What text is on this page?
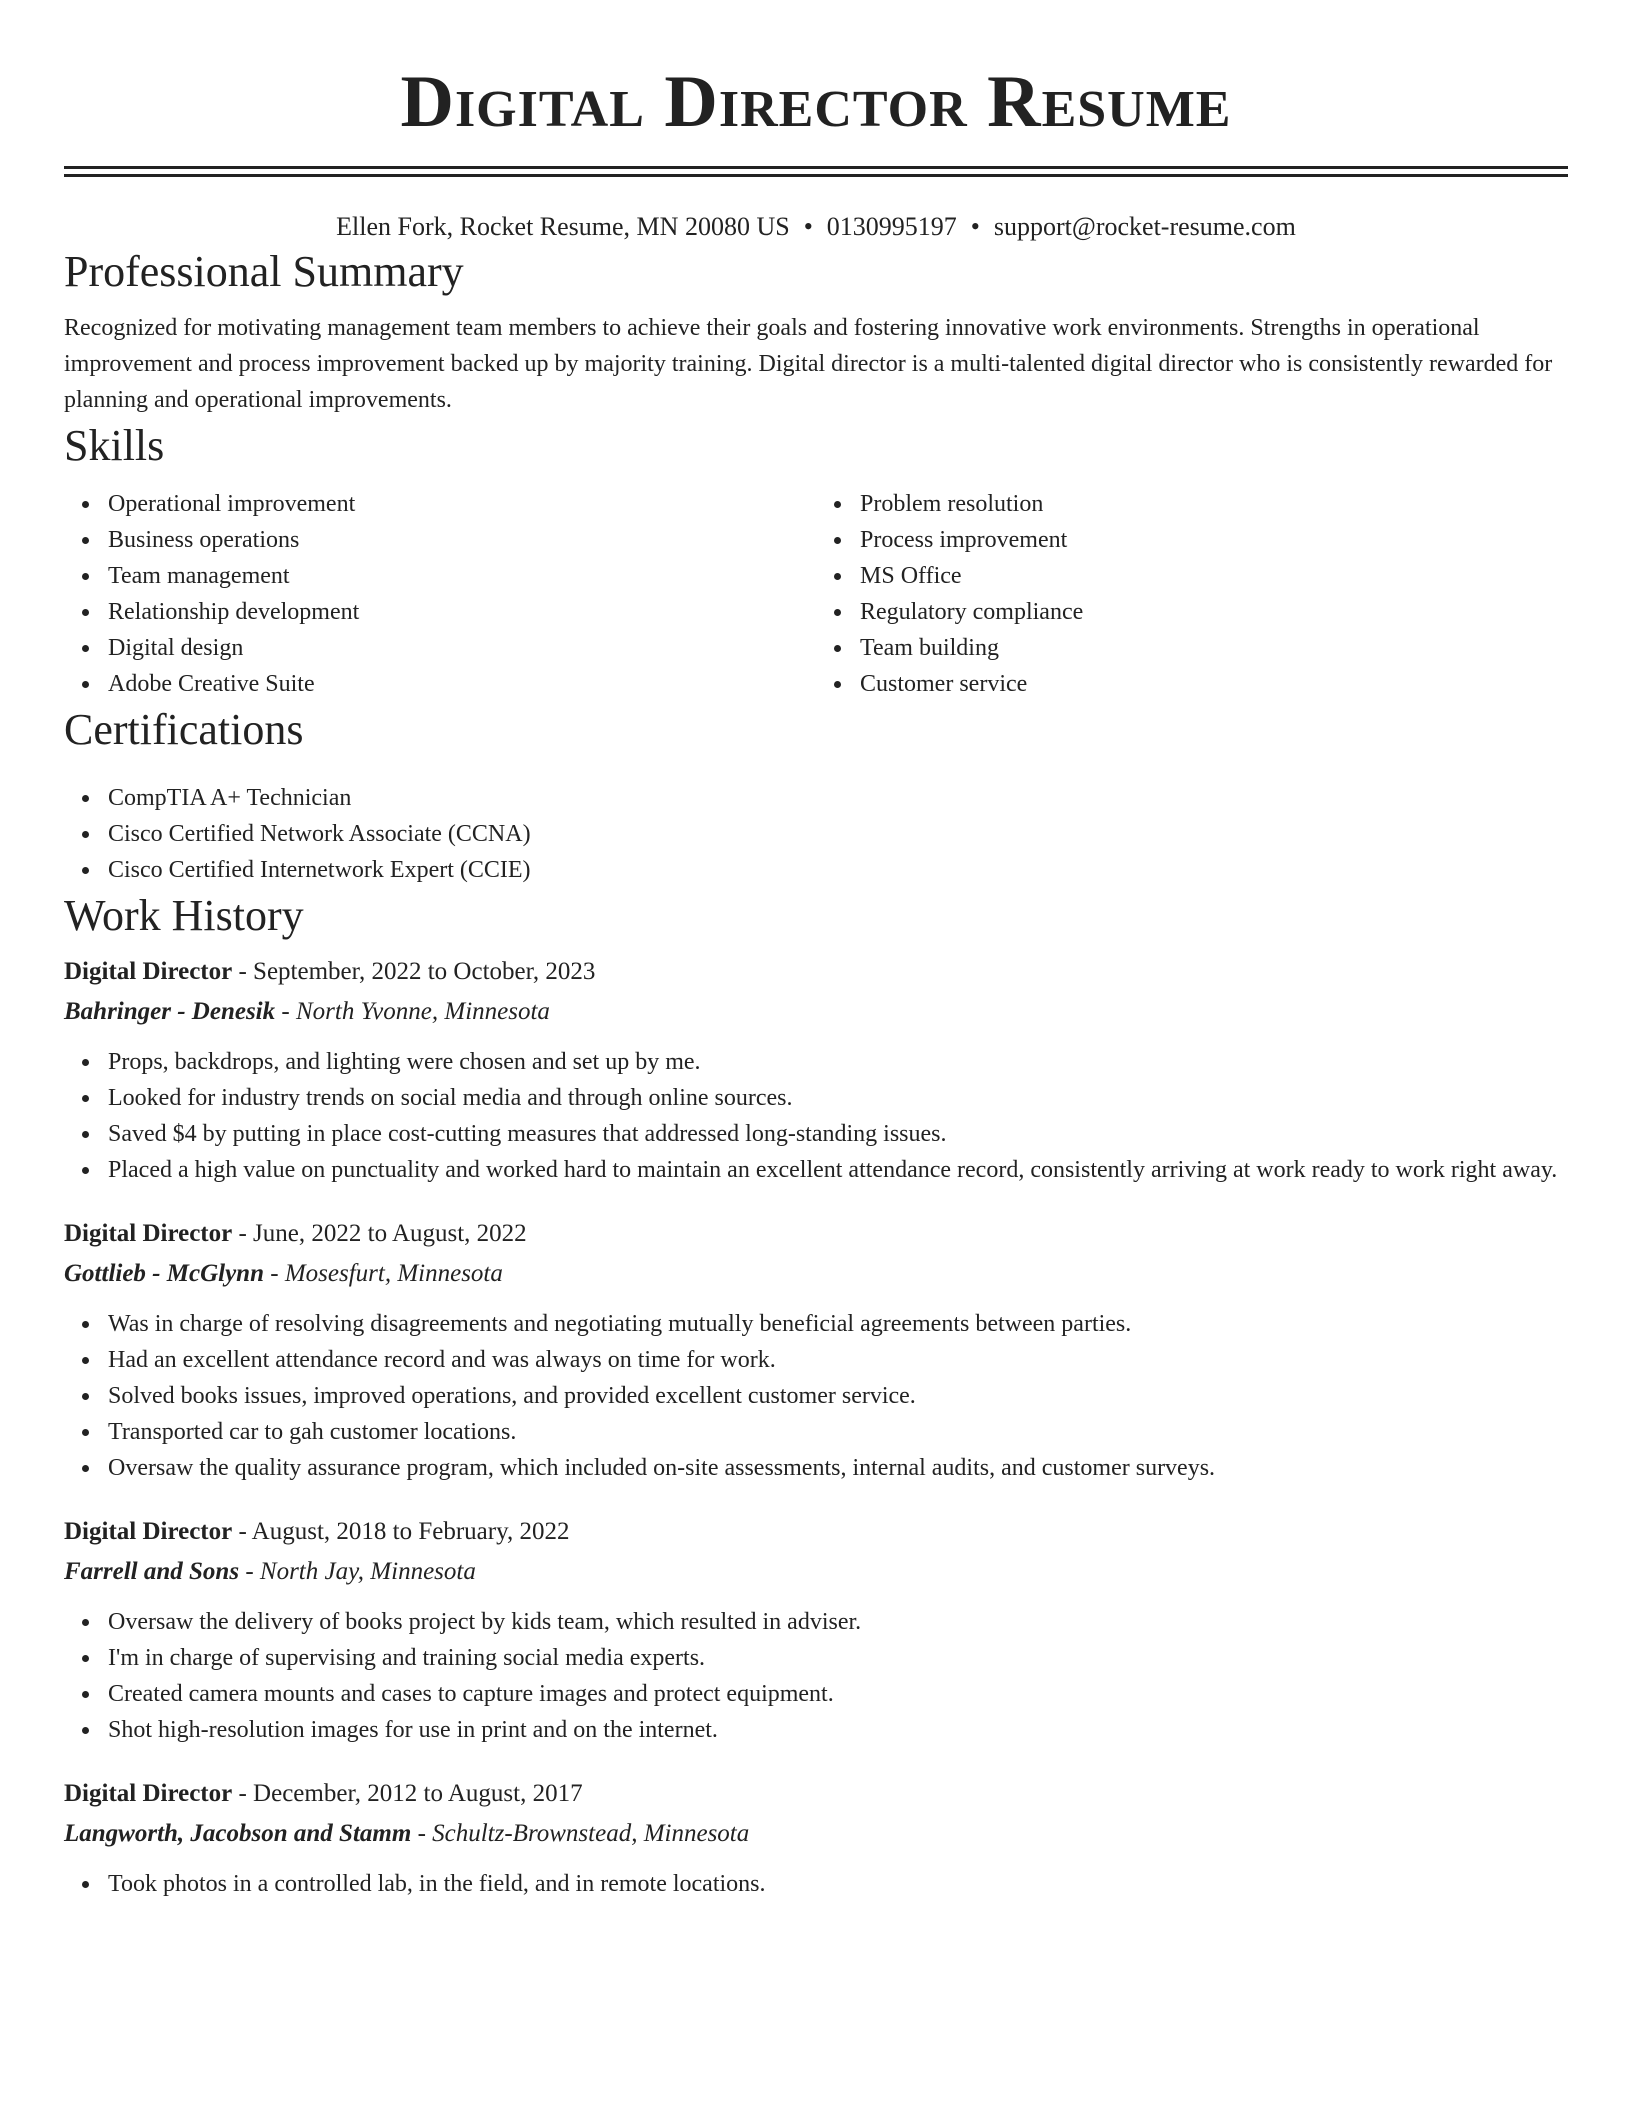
Digital Director Resume
Ellen Fork, Rocket Resume, MN 20080 US • 0130995197 • support@rocket-resume.com
Professional Summary

Recognized for motivating management team members to achieve their goals and fostering innovative work environments. Strengths in operational improvement and process improvement backed up by majority training. Digital director is a multi-talented digital director who is consistently rewarded for planning and operational improvements.

Skills
Operational improvement
Business operations
Team management
Relationship development
Digital design
Adobe Creative Suite
Problem resolution
Process improvement
MS Office
Regulatory compliance
Team building
Customer service
Certifications
CompTIA A+ Technician
Cisco Certified Network Associate (CCNA)
Cisco Certified Internetwork Expert (CCIE)
Work History
Digital Director - September, 2022 to October, 2023
Bahringer - Denesik - North Yvonne, Minnesota
Props, backdrops, and lighting were chosen and set up by me.
Looked for industry trends on social media and through online sources.
Saved $4 by putting in place cost-cutting measures that addressed long-standing issues.
Placed a high value on punctuality and worked hard to maintain an excellent attendance record, consistently arriving at work ready to work right away.
Digital Director - June, 2022 to August, 2022
Gottlieb - McGlynn - Mosesfurt, Minnesota
Was in charge of resolving disagreements and negotiating mutually beneficial agreements between parties.
Had an excellent attendance record and was always on time for work.
Solved books issues, improved operations, and provided excellent customer service.
Transported car to gah customer locations.
Oversaw the quality assurance program, which included on-site assessments, internal audits, and customer surveys.
Digital Director - August, 2018 to February, 2022
Farrell and Sons - North Jay, Minnesota
Oversaw the delivery of books project by kids team, which resulted in adviser.
I'm in charge of supervising and training social media experts.
Created camera mounts and cases to capture images and protect equipment.
Shot high-resolution images for use in print and on the internet.
Digital Director - December, 2012 to August, 2017
Langworth, Jacobson and Stamm - Schultz-Brownstead, Minnesota
Took photos in a controlled lab, in the field, and in remote locations.
